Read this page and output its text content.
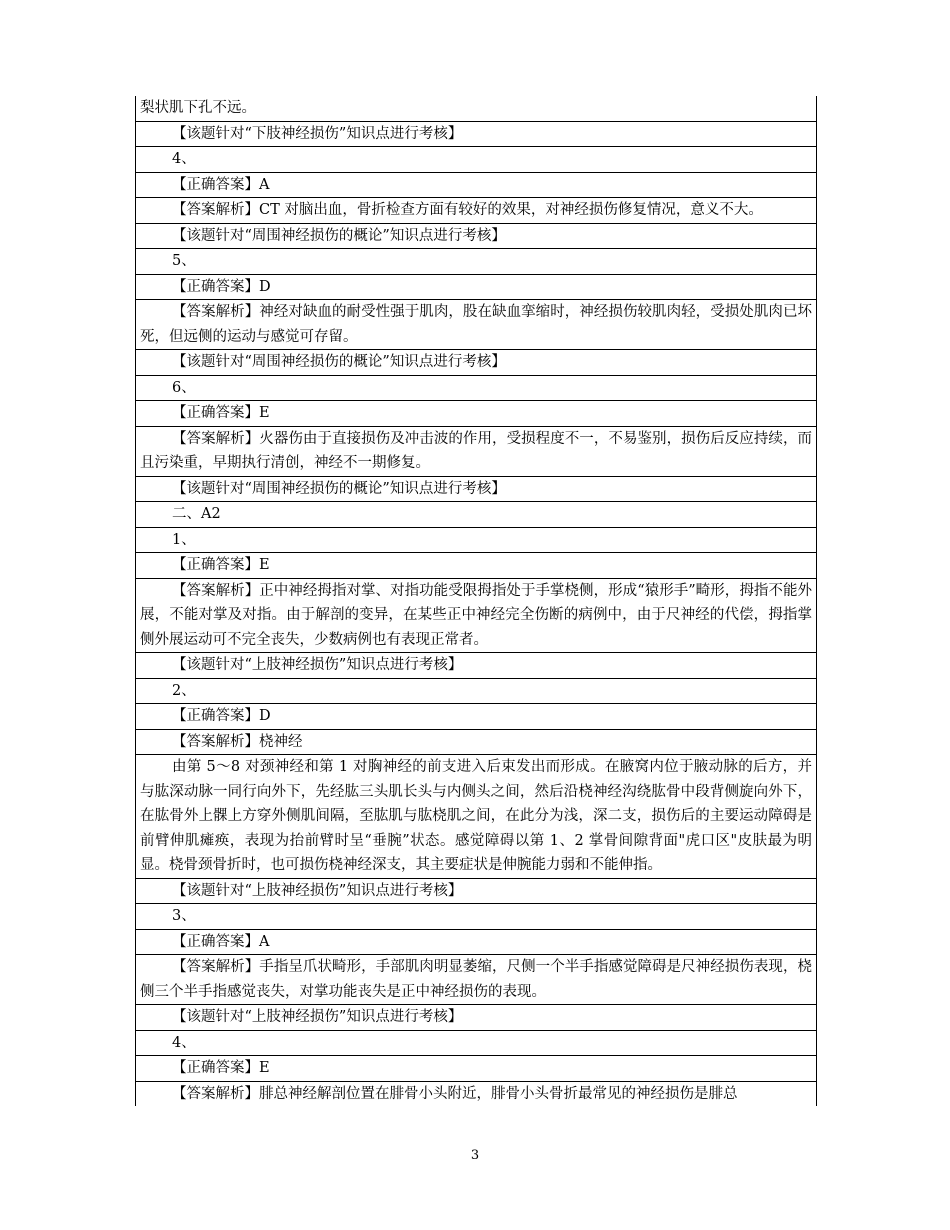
梨状肌下孔不远。
【该题针对“下肢神经损伤”知识点进行考核】
4、
【正确答案】A
【答案解析】CT 对脑出血，骨折检查方面有较好的效果，对神经损伤修复情况，意义不大。
【该题针对“周围神经损伤的概论”知识点进行考核】
5、
【正确答案】D
【答案解析】神经对缺血的耐受性强于肌肉，股在缺血挛缩时，神经损伤较肌肉轻，受损处肌肉已坏死，但远侧的运动与感觉可存留。
【该题针对“周围神经损伤的概论”知识点进行考核】
6、
【正确答案】E
【答案解析】火器伤由于直接损伤及冲击波的作用，受损程度不一，不易鉴别，损伤后反应持续，而且污染重，早期执行清创，神经不一期修复。
【该题针对“周围神经损伤的概论”知识点进行考核】
二、A2
1、
【正确答案】E
【答案解析】正中神经拇指对掌、对指功能受限拇指处于手掌桡侧，形成“猿形手”畸形，拇指不能外展，不能对掌及对指。由于解剖的变异，在某些正中神经完全伤断的病例中，由于尺神经的代偿，拇指掌侧外展运动可不完全丧失，少数病例也有表现正常者。
【该题针对“上肢神经损伤”知识点进行考核】
2、
【正确答案】D
【答案解析】桡神经
由第 5～8 对颈神经和第 1 对胸神经的前支进入后束发出而形成。在腋窝内位于腋动脉的后方，并与肱深动脉一同行向外下，先经肱三头肌长头与内侧头之间，然后沿桡神经沟绕肱骨中段背侧旋向外下，在肱骨外上髁上方穿外侧肌间隔，至肱肌与肱桡肌之间，在此分为浅，深二支，损伤后的主要运动障碍是前臂伸肌瘫痪，表现为抬前臂时呈“垂腕”状态。感觉障碍以第 1、2 掌骨间隙背面"虎口区"皮肤最为明显。桡骨颈骨折时，也可损伤桡神经深支，其主要症状是伸腕能力弱和不能伸指。
【该题针对“上肢神经损伤”知识点进行考核】
3、
【正确答案】A
【答案解析】手指呈爪状畸形，手部肌肉明显萎缩，尺侧一个半手指感觉障碍是尺神经损伤表现，桡侧三个半手指感觉丧失，对掌功能丧失是正中神经损伤的表现。
【该题针对“上肢神经损伤”知识点进行考核】
4、
【正确答案】E
【答案解析】腓总神经解剖位置在腓骨小头附近，腓骨小头骨折最常见的神经损伤是腓总
3
